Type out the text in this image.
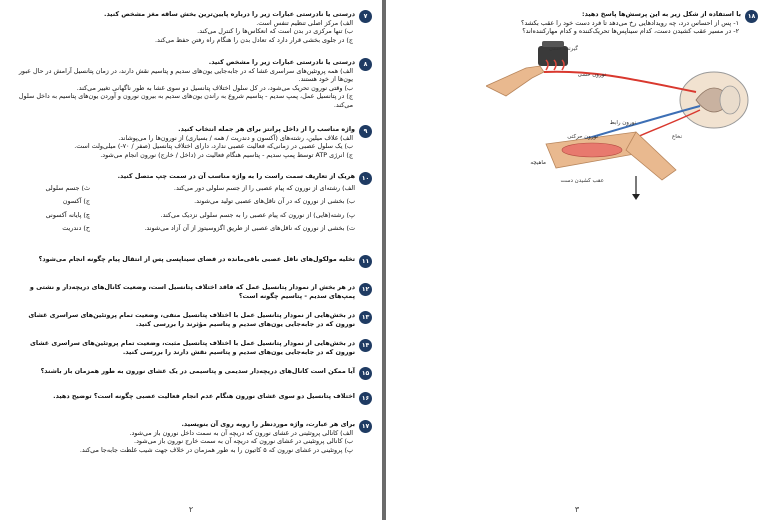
۷
درستی یا نادرستی عبارات زیر را درباره پایین‌ترین بخش ساقه مغز مشخص کنید.
الف) مرکز اصلی تنظیم تنفس است.
ب) تنها مرکزی در بدن است که انعکاس‌ها را کنترل می‌کند.
ج) در جلوی بخشی قرار دارد که تعادل بدن را هنگام راه رفتن حفظ می‌کند.
۸
درستی یا نادرستی عبارات زیر را مشخص کنید.
الف) همه پروتئین‌های سراسری غشا که در جابه‌جایی یون‌های سدیم و پتاسیم نقش دارند، در زمان پتانسیل آرامش در حال عبور یون‌ها از خود هستند.
ب) وقتی نورون تحریک می‌شود، در کل سلول اختلاف پتانسیل دو سوی غشا به طور ناگهانی تغییر می‌کند.
ج) در پتانسیل عمل، پمپ سدیم - پتاسیم شروع به راندن یون‌های سدیم به بیرون نورون و آوردن یون‌های پتاسیم به داخل سلول می‌کند.
۹
واژه مناسب را از داخل پرانتز برای هر جمله انتخاب کنید.
الف) غلاف میلین، رشته‌های (آکسون و دندریت / همه / بسیاری) از نورون‌ها را می‌پوشاند.
ب) یک سلول عصبی در زمانی‌که فعالیت عصبی ندارد، دارای اختلاف پتانسیل (صفر / ۷۰-) میلی‌ولت است.
ج) انرژی ATP توسط پمپ سدیم - پتاسیم هنگام فعالیت در (داخل / خارج) نورون انجام می‌شود.
۱۰
هریک از تعاریف سمت راست را به واژه مناسب آن در سمت چپ متصل کنید.
الف) رشته‌ای از نورون که پیام عصبی را از جسم سلولی دور می‌کند.
ث) جسم سلولی
ب) بخشی از نورون که در آن ناقل‌های عصبی تولید می‌شوند.
ج) آکسون
پ) رشته(هایی) از نورون که پیام عصبی را به جسم سلولی نزدیک می‌کند.
چ) پایانه آکسونی
ت) بخشی از نورون که ناقل‌های عصبی از طریق اگزوسیتوز از آن آزاد می‌شوند.
ح) دندریت
۱۱
تخلیه مولکول‌های ناقل عصبی باقی‌مانده در فضای سیناپسی پس از انتقال پیام چگونه انجام می‌شود؟
۱۲
در هر بخش از نمودار پتانسیل عمل که فاقد اختلاف پتانسیل است، وضعیت کانال‌های دریچه‌دار و نشتی و پمپ‌های سدیم - پتاسیم چگونه است؟
۱۳
در بخش‌هایی از نمودار پتانسیل عمل با اختلاف پتانسیل منفی، وضعیت تمام پروتئین‌های سراسری غشای نورون که در جابه‌جایی یون‌های سدیم و پتاسیم مؤثرند را بررسی کنید.
۱۴
در بخش‌هایی از نمودار پتانسیل عمل با اختلاف پتانسیل مثبت، وضعیت تمام پروتئین‌های سراسری غشای نورون که در جابه‌جایی یون‌های سدیم و پتاسیم نقش دارند را بررسی کنید.
۱۵
آیا ممکن است کانال‌های دریچه‌دار سدیمی و پتاسیمی در یک غشای نورون به طور همزمان باز باشند؟
۱۶
اختلاف پتانسیل دو سوی غشای نورون هنگام عدم انجام فعالیت عصبی چگونه است؟ توضیح دهید.
۱۷
برای هر عبارت، واژه موردنظر را روبه روی آن بنویسید.
الف) کانالی پروتئینی در غشای نورون که دریچه آن به سمت داخل نورون باز می‌شود.
ب) کانالی پروتئینی در غشای نورون که دریچه آن به سمت خارج نورون باز می‌شود.
پ) پروتئینی در غشای نورون که ۵ کاتیون را به طور همزمان در خلاف جهت شیب غلظت جابه‌جا می‌کند.
۲
۱۸
با استفاده از شکل زیر به این پرسش‌ها پاسخ دهید:
۱- پس از احساس درد، چه رویدادهایی رخ می‌دهد تا فرد دست خود را عقب بکشد؟
۲- در مسیر عقب کشیدن دست، کدام سیناپس‌ها تحریک‌کننده و کدام مهارکننده‌اند؟
گیرنده‌ حسی
نورون حسی
نخاع
نورون رابط
نورون حرکتی
ماهیچه
عقب کشیدن دست
۳
